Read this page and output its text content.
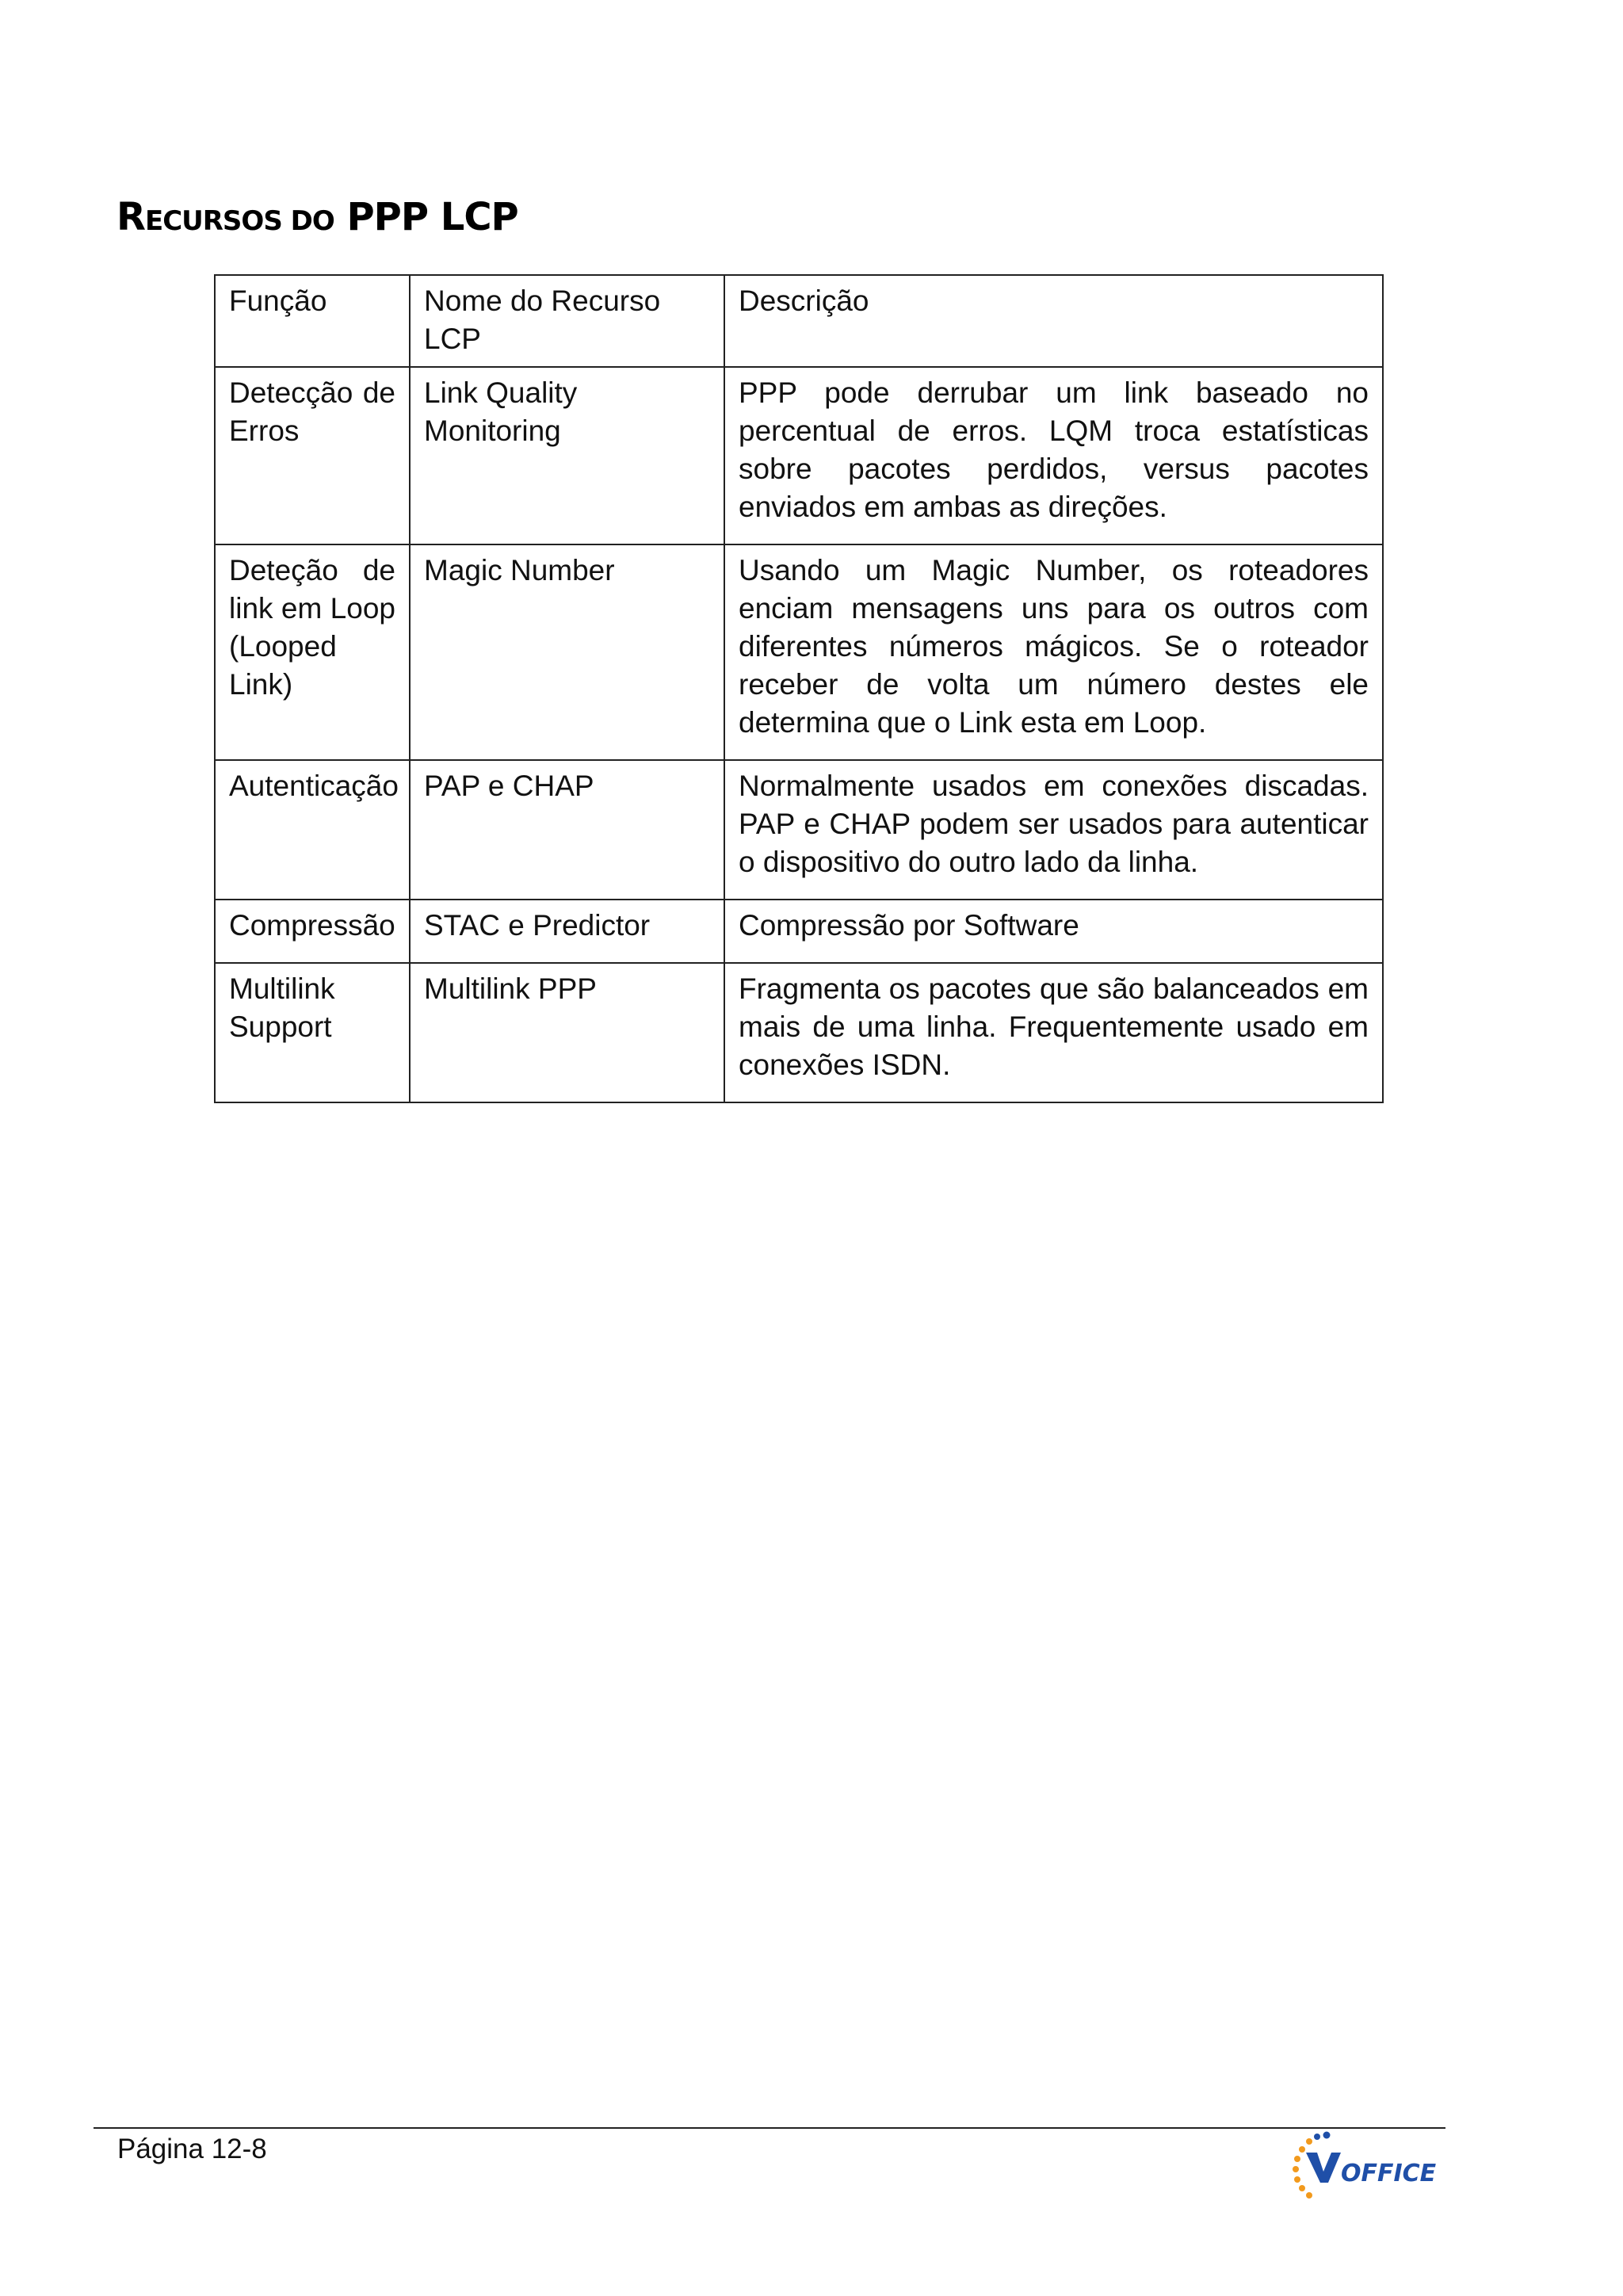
RECURSOS DO PPP LCP
Função	Nome do Recurso LCP	Descrição
Detecção de Erros	Link Quality Monitoring	PPP pode derrubar um link baseado no percentual de erros. LQM troca estatísticas sobre pacotes perdidos, versus pacotes enviados em ambas as direções.
Deteção de link em Loop (Looped Link)	Magic Number	Usando um Magic Number, os roteadores enciam mensagens uns para os outros com diferentes números mágicos. Se o roteador receber de volta um número destes ele determina que o Link esta em Loop.
Autenticação	PAP e CHAP	Normalmente usados em conexões discadas. PAP e CHAP podem ser usados para autenticar o dispositivo do outro lado da linha.
Compressão	STAC e Predictor	Compressão por Software
Multilink Support	Multilink PPP	Fragmenta os pacotes que são balanceados em mais de uma linha. Frequentemente usado em conexões ISDN.
Página 12-8
OFFICE
